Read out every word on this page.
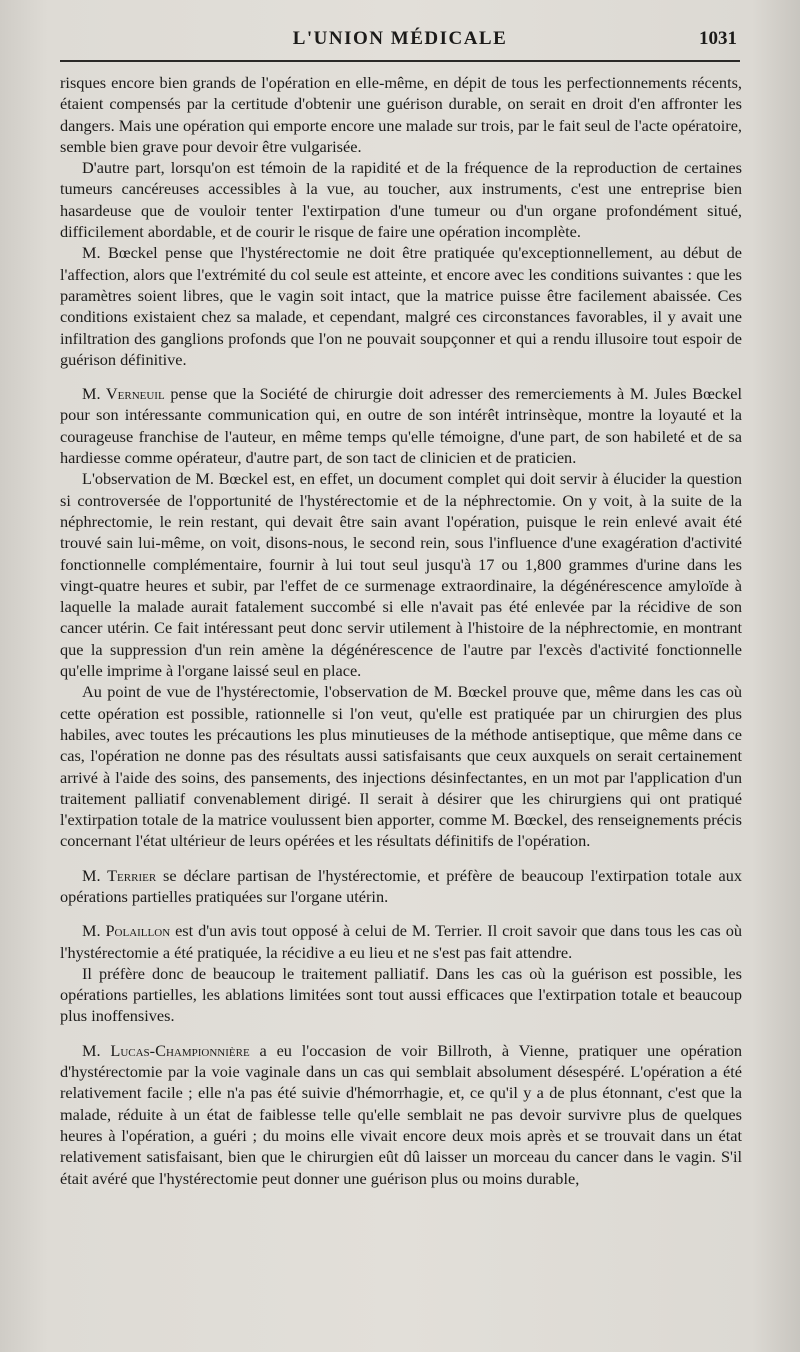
L'UNION MÉDICALE	1031

risques encore bien grands de l'opération en elle-même, en dépit de tous les perfectionnements récents, étaient compensés par la certitude d'obtenir une guérison durable, on serait en droit d'en affronter les dangers. Mais une opération qui emporte encore une malade sur trois, par le fait seul de l'acte opératoire, semble bien grave pour devoir être vulgarisée.

D'autre part, lorsqu'on est témoin de la rapidité et de la fréquence de la reproduction de certaines tumeurs cancéreuses accessibles à la vue, au toucher, aux instruments, c'est une entreprise bien hasardeuse que de vouloir tenter l'extirpation d'une tumeur ou d'un organe profondément situé, difficilement abordable, et de courir le risque de faire une opération incomplète.

M. Bœckel pense que l'hystérectomie ne doit être pratiquée qu'exceptionnellement, au début de l'affection, alors que l'extrémité du col seule est atteinte, et encore avec les conditions suivantes : que les paramètres soient libres, que le vagin soit intact, que la matrice puisse être facilement abaissée. Ces conditions existaient chez sa malade, et cependant, malgré ces circonstances favorables, il y avait une infiltration des ganglions profonds que l'on ne pouvait soupçonner et qui a rendu illusoire tout espoir de guérison définitive.

M. Verneuil pense que la Société de chirurgie doit adresser des remerciements à M. Jules Bœckel pour son intéressante communication qui, en outre de son intérêt intrinsèque, montre la loyauté et la courageuse franchise de l'auteur, en même temps qu'elle témoigne, d'une part, de son habileté et de sa hardiesse comme opérateur, d'autre part, de son tact de clinicien et de praticien.

L'observation de M. Bœckel est, en effet, un document complet qui doit servir à élucider la question si controversée de l'opportunité de l'hystérectomie et de la néphrectomie. On y voit, à la suite de la néphrectomie, le rein restant, qui devait être sain avant l'opération, puisque le rein enlevé avait été trouvé sain lui-même, on voit, disons-nous, le second rein, sous l'influence d'une exagération d'activité fonctionnelle complémentaire, fournir à lui tout seul jusqu'à 17 ou 1,800 grammes d'urine dans les vingt-quatre heures et subir, par l'effet de ce surmenage extraordinaire, la dégénérescence amyloïde à laquelle la malade aurait fatalement succombé si elle n'avait pas été enlevée par la récidive de son cancer utérin. Ce fait intéressant peut donc servir utilement à l'histoire de la néphrectomie, en montrant que la suppression d'un rein amène la dégénérescence de l'autre par l'excès d'activité fonctionnelle qu'elle imprime à l'organe laissé seul en place.

Au point de vue de l'hystérectomie, l'observation de M. Bœckel prouve que, même dans les cas où cette opération est possible, rationnelle si l'on veut, qu'elle est pratiquée par un chirurgien des plus habiles, avec toutes les précautions les plus minutieuses de la méthode antiseptique, que même dans ce cas, l'opération ne donne pas des résultats aussi satisfaisants que ceux auxquels on serait certainement arrivé à l'aide des soins, des pansements, des injections désinfectantes, en un mot par l'application d'un traitement palliatif convenablement dirigé. Il serait à désirer que les chirurgiens qui ont pratiqué l'extirpation totale de la matrice voulussent bien apporter, comme M. Bœckel, des renseignements précis concernant l'état ultérieur de leurs opérées et les résultats définitifs de l'opération.

M. Terrier se déclare partisan de l'hystérectomie, et préfère de beaucoup l'extirpation totale aux opérations partielles pratiquées sur l'organe utérin.

M. Polaillon est d'un avis tout opposé à celui de M. Terrier. Il croit savoir que dans tous les cas où l'hystérectomie a été pratiquée, la récidive a eu lieu et ne s'est pas fait attendre.

Il préfère donc de beaucoup le traitement palliatif. Dans les cas où la guérison est possible, les opérations partielles, les ablations limitées sont tout aussi efficaces que l'extirpation totale et beaucoup plus inoffensives.

M. Lucas-Championnière a eu l'occasion de voir Billroth, à Vienne, pratiquer une opération d'hystérectomie par la voie vaginale dans un cas qui semblait absolument désespéré. L'opération a été relativement facile ; elle n'a pas été suivie d'hémorrhagie, et, ce qu'il y a de plus étonnant, c'est que la malade, réduite à un état de faiblesse telle qu'elle semblait ne pas devoir survivre plus de quelques heures à l'opération, a guéri ; du moins elle vivait encore deux mois après et se trouvait dans un état relativement satisfaisant, bien que le chirurgien eût dû laisser un morceau du cancer dans le vagin. S'il était avéré que l'hystérectomie peut donner une guérison plus ou moins durable,
